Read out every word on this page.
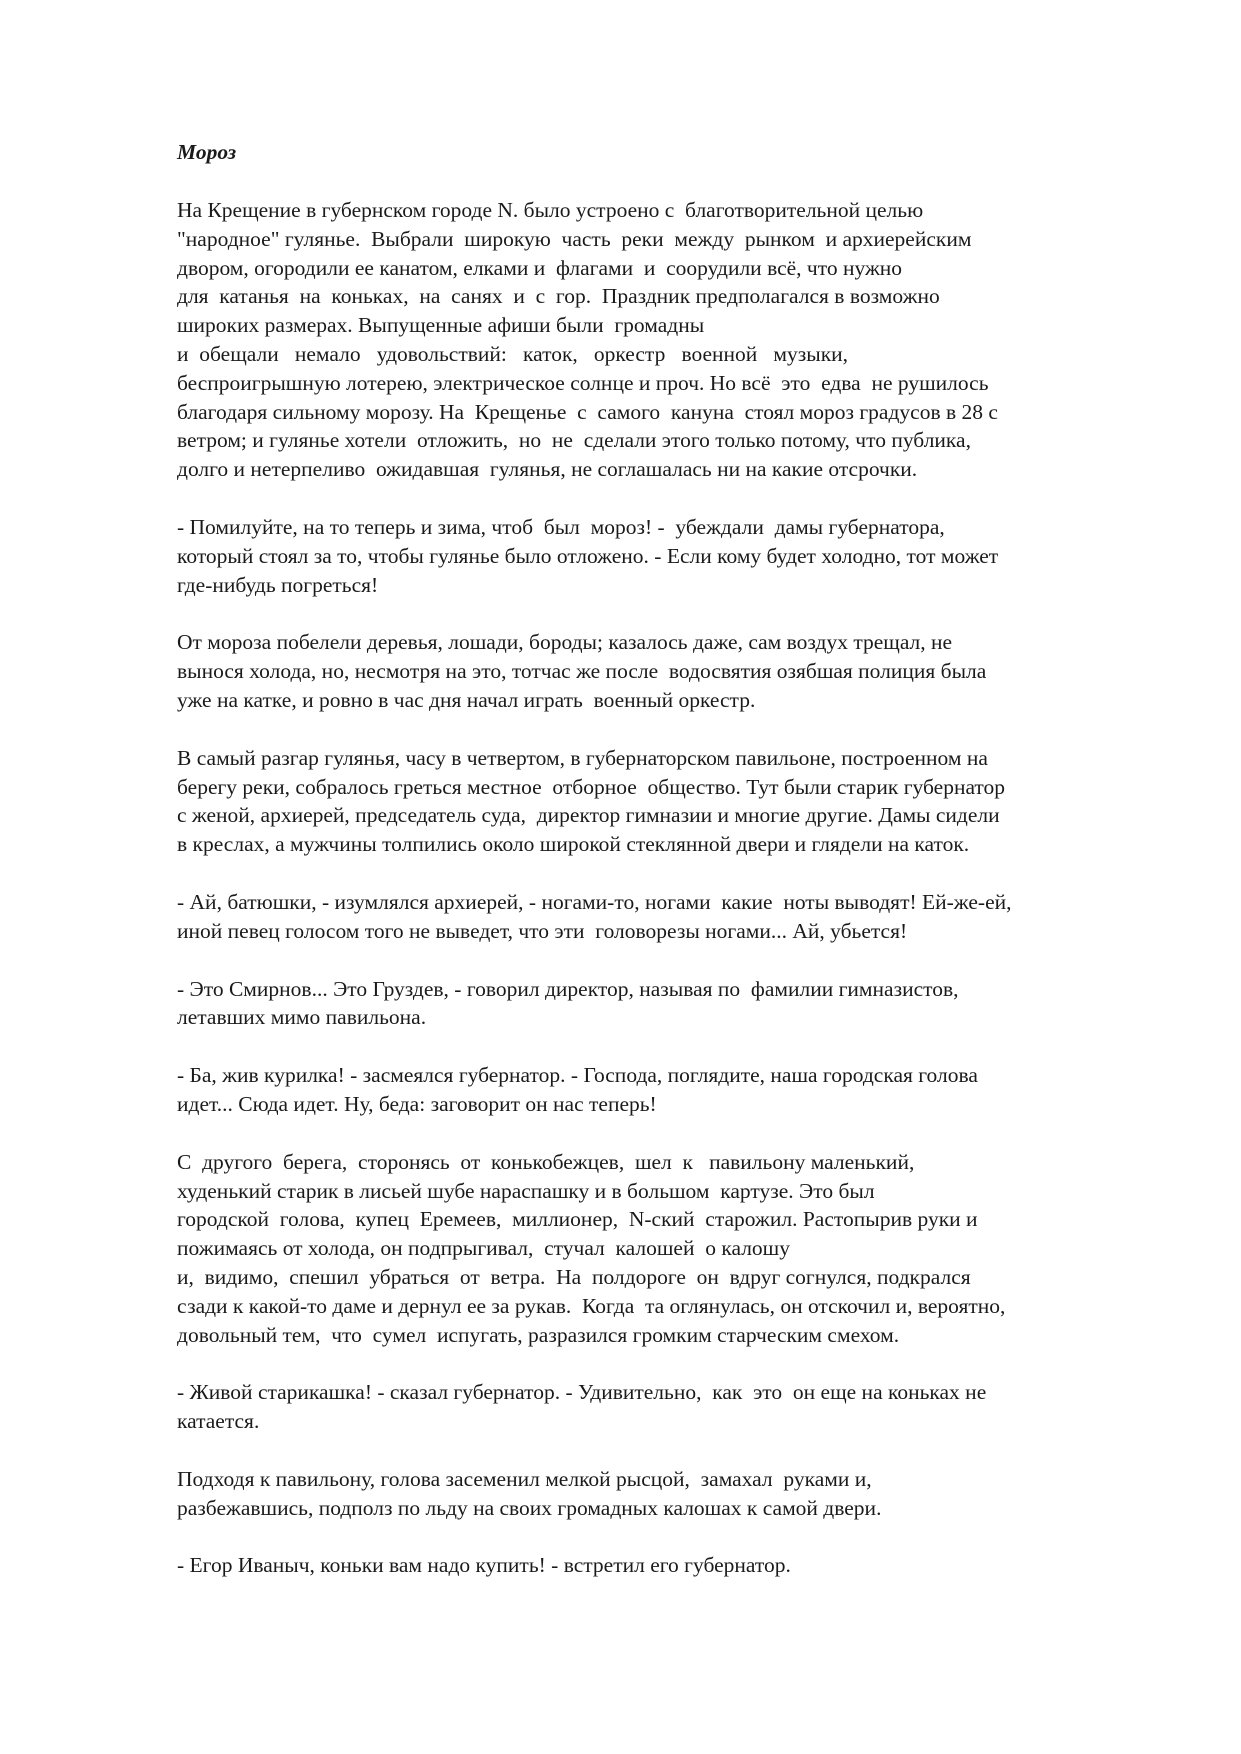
Мороз
На Крещение в губернском городе N. было устроено с  благотворительной целью
"народное" гулянье.  Выбрали  широкую  часть  реки  между  рынком  и архиерейским
двором, огородили ее канатом, елками и  флагами  и  соорудили всё, что нужно
для  катанья  на  коньках,  на  санях  и  с  гор.  Праздник предполагался в возможно
широких размерах. Выпущенные афиши были  громадны
и  обещали   немало   удовольствий:   каток,   оркестр   военной   музыки,
беспроигрышную лотерею, электрическое солнце и проч. Но всё  это  едва  не рушилось
благодаря сильному морозу. На  Крещенье  с  самого  кануна  стоял мороз градусов в 28 с
ветром; и гулянье хотели  отложить,  но  не  сделали этого только потому, что публика,
долго и нетерпеливо  ожидавшая  гулянья, не соглашалась ни на какие отсрочки.
- Помилуйте, на то теперь и зима, чтоб  был  мороз! -  убеждали  дамы губернатора,
который стоял за то, чтобы гулянье было отложено. - Если кому будет холодно, тот может
где-нибудь погреться!
От мороза побелели деревья, лошади, бороды; казалось даже, сам воздух трещал, не
вынося холода, но, несмотря на это, тотчас же после  водосвятия озябшая полиция была
уже на катке, и ровно в час дня начал играть  военный оркестр.
В самый разгар гулянья, часу в четвертом, в губернаторском павильоне, построенном на
берегу реки, собралось греться местное  отборное  общество. Тут были старик губернатор
с женой, архиерей, председатель суда,  директор гимназии и многие другие. Дамы сидели
в креслах, а мужчины толпились около широкой стеклянной двери и глядели на каток.
- Ай, батюшки, - изумлялся архиерей, - ногами-то, ногами  какие  ноты выводят! Ей-же-ей,
иной певец голосом того не выведет, что эти  головорезы ногами... Ай, убьется!
- Это Смирнов... Это Груздев, - говорил директор, называя по  фамилии гимназистов,
летавших мимо павильона.
- Ба, жив курилка! - засмеялся губернатор. - Господа, поглядите, наша городская голова
идет... Сюда идет. Ну, беда: заговорит он нас теперь!
С  другого  берега,  сторонясь  от  конькобежцев,  шел  к   павильону маленький,
худенький старик в лисьей шубе нараспашку и в большом  картузе. Это был
городской  голова,  купец  Еремеев,  миллионер,  N-ский  старожил. Растопырив руки и
пожимаясь от холода, он подпрыгивал,  стучал  калошей  о калошу
и,  видимо,  спешил  убраться  от  ветра.  На  полдороге  он  вдруг согнулся, подкрался
сзади к какой-то даме и дернул ее за рукав.  Когда  та оглянулась, он отскочил и, вероятно,
довольный тем,  что  сумел  испугать, разразился громким старческим смехом.
- Живой старикашка! - сказал губернатор. - Удивительно,  как  это  он еще на коньках не
катается.
Подходя к павильону, голова засеменил мелкой рысцой,  замахал  руками и,
разбежавшись, подполз по льду на своих громадных калошах к самой двери.
- Егор Иваныч, коньки вам надо купить! - встретил его губернатор.
